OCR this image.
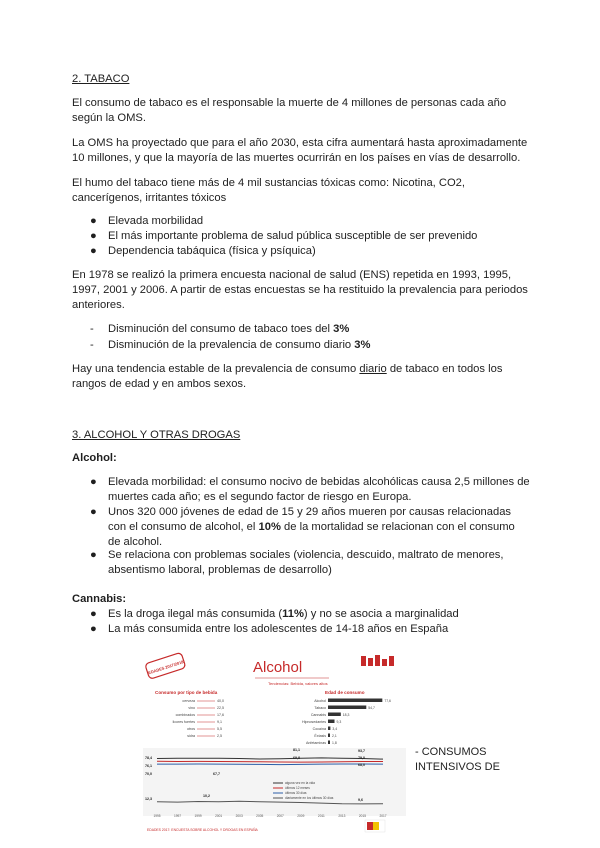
2. TABACO

El consumo de tabaco es el responsable la muerte de 4 millones de personas cada año según la OMS.

La OMS ha proyectado que para el año 2030, esta cifra aumentará hasta aproximadamente 10 millones, y que la mayoría de las muertes ocurrirán en los países en vías de desarrollo.

El humo del tabaco tiene más de 4 mil sustancias tóxicas como: Nicotina, CO2, cancerígenos, irritantes tóxicos

●	Elevada morbilidad
●	El más importante problema de salud pública susceptible de ser prevenido
●	Dependencia tabáquica (física y psíquica)

En 1978 se realizó la primera encuesta nacional de salud (ENS) repetida en 1993, 1995, 1997, 2001 y 2006. A partir de estas encuestas se ha restituido la prevalencia para periodos anteriores.

-	Disminución del consumo de tabaco toes del 3%
-	Disminución de la prevalencia de consumo diario 3%

Hay una tendencia estable de la prevalencia de consumo diario de tabaco en todos los rangos de edad y en ambos sexos.

3. ALCOHOL Y OTRAS DROGAS

Alcohol:

●	Elevada morbilidad: el consumo nocivo de bebidas alcohólicas causa 2,5 millones de muertes cada año; es el segundo factor de riesgo en Europa.
●	Unos 320 000 jóvenes de edad de 15 y 29 años mueren por causas relacionadas con el consumo de alcohol, el 10% de la mortalidad se relacionan con el consumo de alcohol.
●	Se relaciona con problemas sociales (violencia, descuido, maltrato de menores, absentismo laboral, problemas de desarrollo)

Cannabis:

●	Es la droga ilegal más consumida (11%) y no se asocia a marginalidad
●	La más consumida entre los adolescentes de 14-18 años en España
EDADES 2017/2018	Alcohol
Tendencias: Bebida, valores altos
Consumo por tipo de bebida	Edad de consumo
cerveza	40,0
vino	22,5
combinados	17,6
licores fuertes	9,1
otros	5,5
sidra	2,5
Alcohol	77,6
Tabaco	54,7
Cannabis	18,3
Hipnosedantes	9,3
Cocaína 3,4
Éxtasis 2,1
Anfetaminas 1,8
1995	1997	1999	2001	2003	2005	2007	2009	2011	2013	2015	2017
78,4
76,1
70,0	67,7
81,1
69,8
93,7
79,0
68,0
12,3
10,2
9,6
alguna vez en la vida
últimos 12 meses
últimos 30 días
diariamente en los últimos 30 días
EDADES 2017: ENCUESTA SOBRE ALCOHOL Y DROGAS EN ESPAÑA
- CONSUMOS
INTENSIVOS DE
